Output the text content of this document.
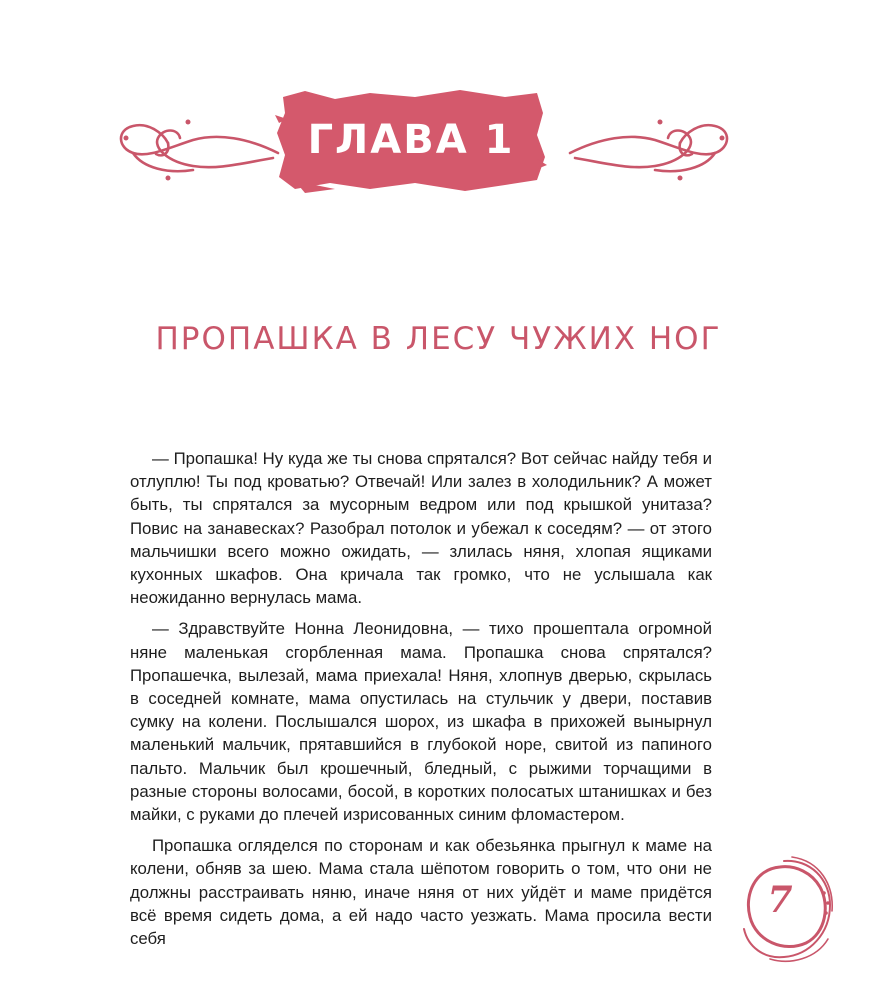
ГЛАВА 1
ПРОПАШКА В ЛЕСУ ЧУЖИХ НОГ

— Пропашка! Ну куда же ты снова спрятался? Вот сейчас найду тебя и отлуплю! Ты под кроватью? Отвечай! Или залез в холодильник? А может быть, ты спрятался за мусорным ведром или под крышкой унитаза? Повис на занавесках? Разобрал потолок и убежал к соседям? — от этого мальчишки всего можно ожидать, — злилась няня, хлопая ящиками кухонных шкафов. Она кричала так громко, что не услышала как неожиданно вернулась мама.

— Здравствуйте Нонна Леонидовна, — тихо прошептала огромной няне маленькая сгорбленная мама. Пропашка снова спрятался? Пропашечка, вылезай, мама приехала! Няня, хлопнув дверью, скрылась в соседней комнате, мама опустилась на стульчик у двери, поставив сумку на колени. Послышался шорох, из шкафа в прихожей вынырнул маленький мальчик, прятавшийся в глубокой норе, свитой из папиного пальто. Мальчик был крошечный, бледный, с рыжими торчащими в разные стороны волосами, босой, в коротких полосатых штанишках и без майки, с руками до плечей изрисованных синим фломастером.

Пропашка огляделся по сторонам и как обезьянка прыгнул к маме на колени, обняв за шею. Мама стала шёпотом говорить о том, что они не должны расстраивать няню, иначе няня от них уйдёт и маме придётся всё время сидеть дома, а ей надо часто уезжать. Мама просила вести себя

7
